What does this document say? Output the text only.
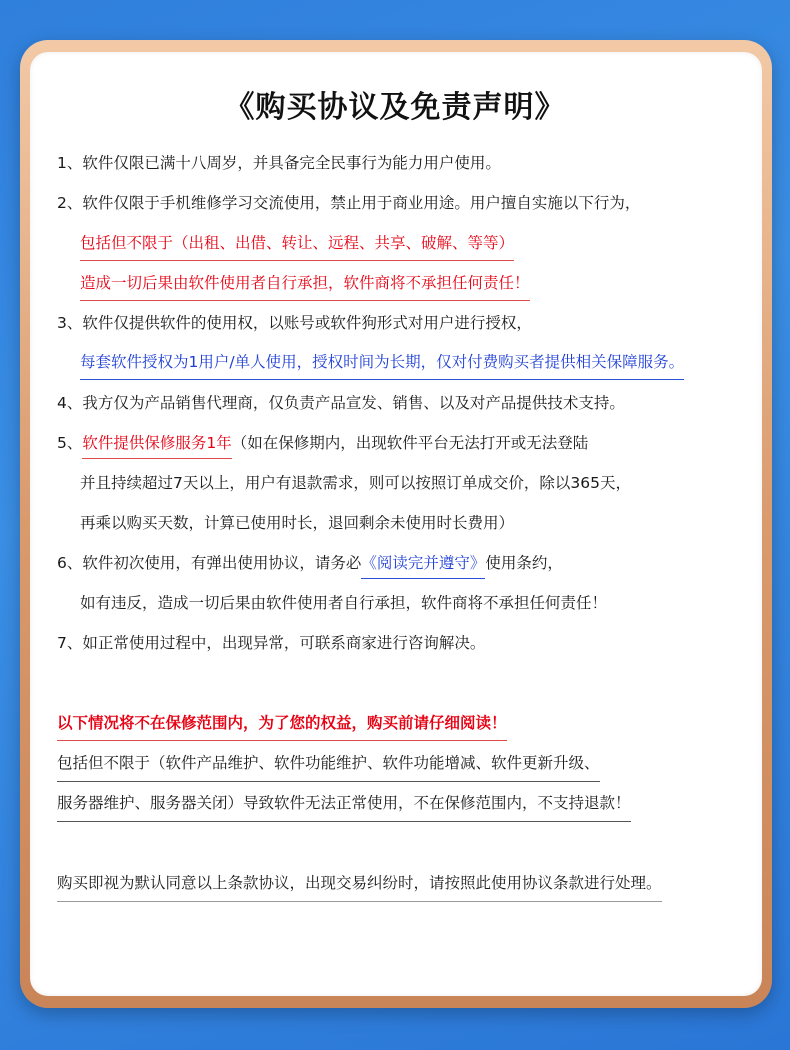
《购买协议及免责声明》
1、软件仅限已满十八周岁，并具备完全民事行为能力用户使用。
2、软件仅限于手机维修学习交流使用，禁止用于商业用途。用户擅自实施以下行为，
包括但不限于（出租、出借、转让、远程、共享、破解、等等）
造成一切后果由软件使用者自行承担，软件商将不承担任何责任！
3、软件仅提供软件的使用权，以账号或软件狗形式对用户进行授权，
每套软件授权为1用户/单人使用，授权时间为长期，仅对付费购买者提供相关保障服务。
4、我方仅为产品销售代理商，仅负责产品宣发、销售、以及对产品提供技术支持。
5、软件提供保修服务1年（如在保修期内，出现软件平台无法打开或无法登陆
并且持续超过7天以上，用户有退款需求，则可以按照订单成交价，除以365天，
再乘以购买天数，计算已使用时长，退回剩余未使用时长费用）
6、软件初次使用，有弹出使用协议，请务必《阅读完并遵守》使用条约，
如有违反，造成一切后果由软件使用者自行承担，软件商将不承担任何责任！
7、如正常使用过程中，出现异常，可联系商家进行咨询解决。
以下情况将不在保修范围内，为了您的权益，购买前请仔细阅读！
包括但不限于（软件产品维护、软件功能维护、软件功能增减、软件更新升级、
服务器维护、服务器关闭）导致软件无法正常使用，不在保修范围内，不支持退款！
购买即视为默认同意以上条款协议，出现交易纠纷时，请按照此使用协议条款进行处理。
